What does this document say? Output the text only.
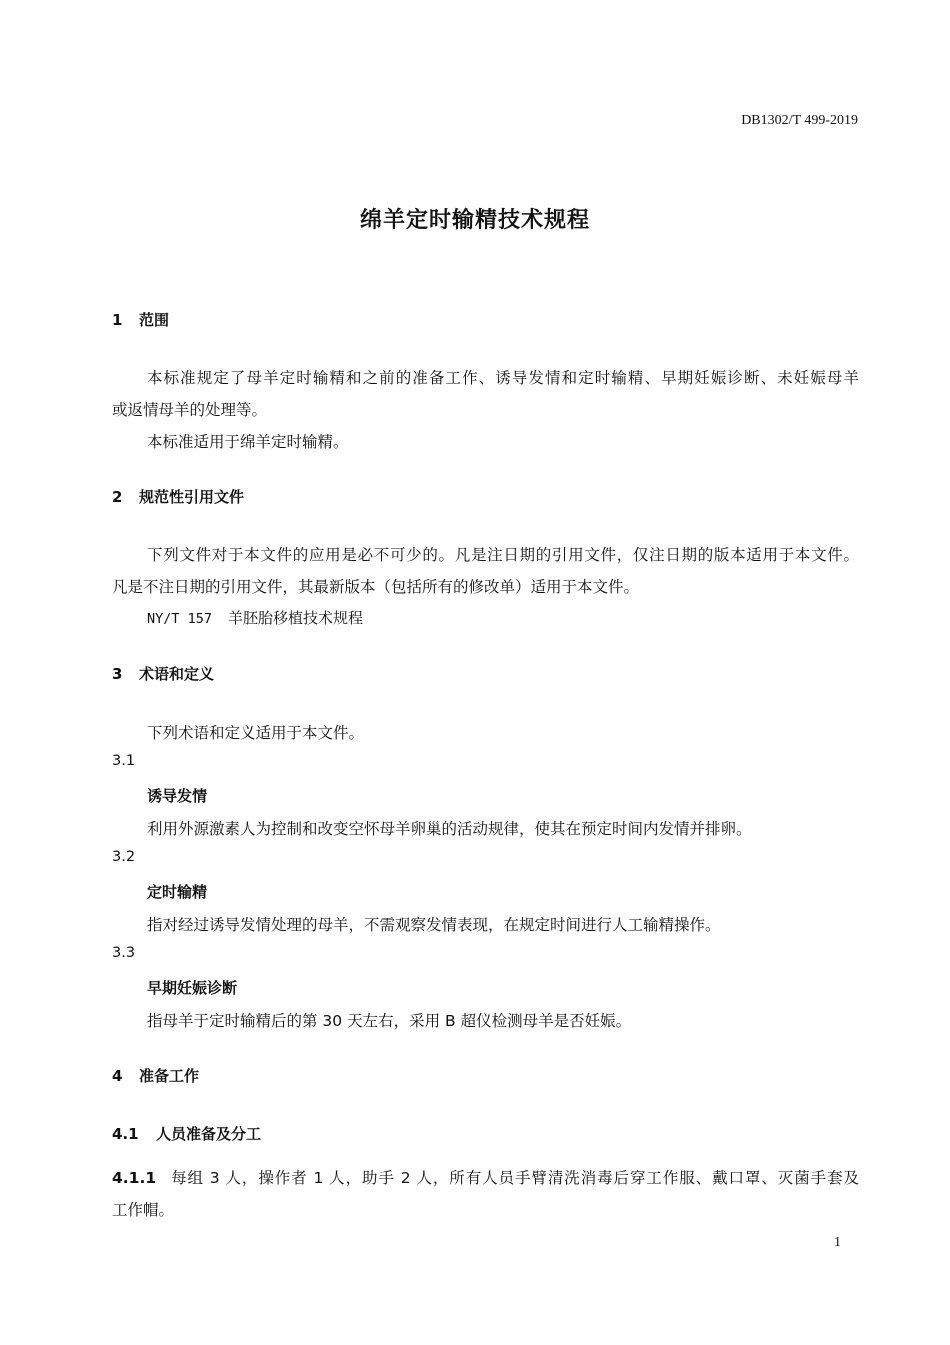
DB1302/T 499-2019
绵羊定时输精技术规程
1 范围
本标准规定了母羊定时输精和之前的准备工作、诱导发情和定时输精、早期妊娠诊断、未妊娠母羊
或返情母羊的处理等。
本标准适用于绵羊定时输精。
2 规范性引用文件
下列文件对于本文件的应用是必不可少的。凡是注日期的引用文件，仅注日期的版本适用于本文件。
凡是不注日期的引用文件，其最新版本（包括所有的修改单）适用于本文件。
NY/T 157 羊胚胎移植技术规程
3 术语和定义
下列术语和定义适用于本文件。
3.1
诱导发情
利用外源激素人为控制和改变空怀母羊卵巢的活动规律，使其在预定时间内发情并排卵。
3.2
定时输精
指对经过诱导发情处理的母羊，不需观察发情表现，在规定时间进行人工输精操作。
3.3
早期妊娠诊断
指母羊于定时输精后的第 30 天左右，采用 B 超仪检测母羊是否妊娠。
4 准备工作
4.1 人员准备及分工
4.1.1 每组 3 人，操作者 1 人，助手 2 人，所有人员手臂清洗消毒后穿工作服、戴口罩、灭菌手套及
工作帽。
1
